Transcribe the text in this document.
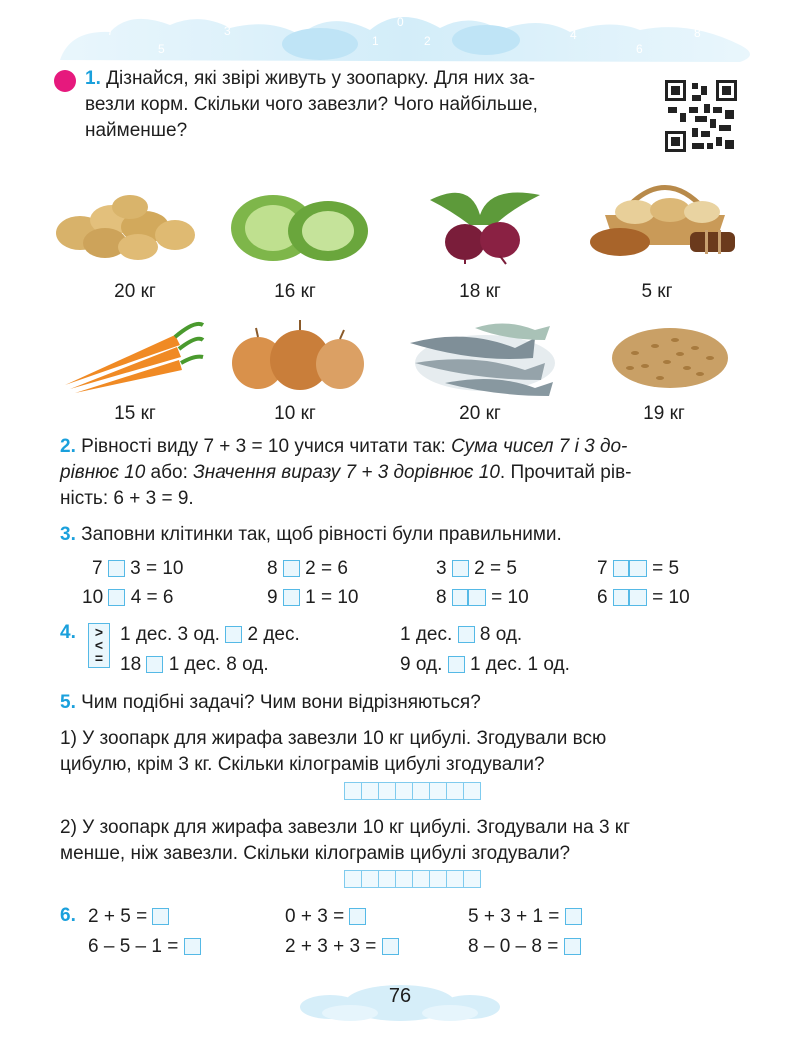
7
5
3
0
1	2	4
6
8
1. Дізнайся, які звірі живуть у зоопарку. Для них за-
везли корм. Скільки чого завезли? Чого найбільше,
найменше?
20 кг	16 кг	18 кг	5 кг
15 кг	10 кг	20 кг	19 кг
2. Рівності виду 7 + 3 = 10 учися читати так: Сума чисел 7 і 3 до-
рівнює 10 або: Значення виразу 7 + 3 дорівнює 10. Прочитай рів-
ність: 6 + 3 = 9.
3. Заповни клітинки так, щоб рівності були правильними.
7 3 = 10	8 2 = 6	3 2 = 5	7 = 5
10 4 = 6	9 1 = 10	8 = 10	6 = 10
4.	>
<
=
1 дес. 3 од. 2 дес.	1 дес. 8 од.
18 1 дес. 8 од.	9 од. 1 дес. 1 од.
5. Чим подібні задачі? Чим вони відрізняються?
1) У зоопарк для жирафа завезли 10 кг цибулі. Згодували всю
цибулю, крім 3 кг. Скільки кілограмів цибулі згодували?
2) У зоопарк для жирафа завезли 10 кг цибулі. Згодували на 3 кг
менше, ніж завезли. Скільки кілограмів цибулі згодували?
6. 2 + 5 =	0 + 3 =	5 + 3 + 1 =
6 – 5 – 1 =	2 + 3 + 3 =	8 – 0 – 8 =
76
